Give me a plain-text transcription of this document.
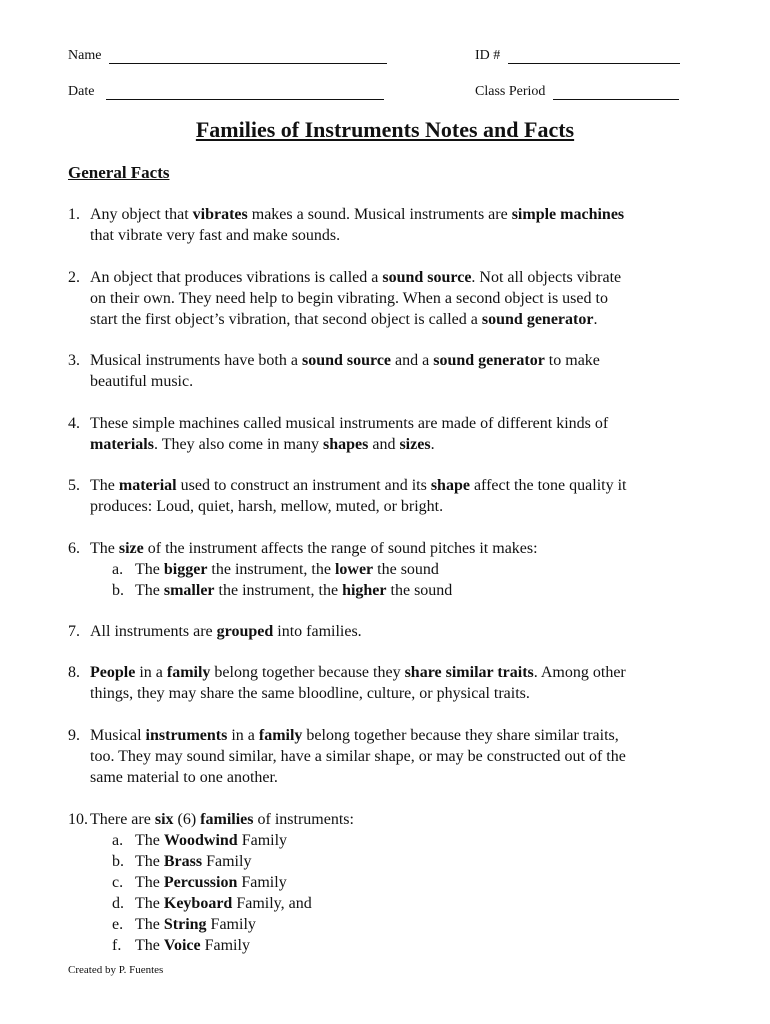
Name	ID #
Date	Class Period
Families of Instruments Notes and Facts
General Facts
1. Any object that vibrates makes a sound. Musical instruments are simple machines
that vibrate very fast and make sounds.
2. An object that produces vibrations is called a sound source. Not all objects vibrate
on their own. They need help to begin vibrating. When a second object is used to
start the first object’s vibration, that second object is called a sound generator.
3. Musical instruments have both a sound source and a sound generator to make
beautiful music.
4. These simple machines called musical instruments are made of different kinds of
materials. They also come in many shapes and sizes.
5. The material used to construct an instrument and its shape affect the tone quality it
produces: Loud, quiet, harsh, mellow, muted, or bright.
6. The size of the instrument affects the range of sound pitches it makes:
a. The bigger the instrument, the lower the sound
b. The smaller the instrument, the higher the sound
7. All instruments are grouped into families.
8. People in a family belong together because they share similar traits. Among other
things, they may share the same bloodline, culture, or physical traits.
9. Musical instruments in a family belong together because they share similar traits,
too. They may sound similar, have a similar shape, or may be constructed out of the
same material to one another.
10. There are six (6) families of instruments:
a. The Woodwind Family
b. The Brass Family
c. The Percussion Family
d. The Keyboard Family, and
e. The String Family
f. The Voice Family
Created by P. Fuentes
